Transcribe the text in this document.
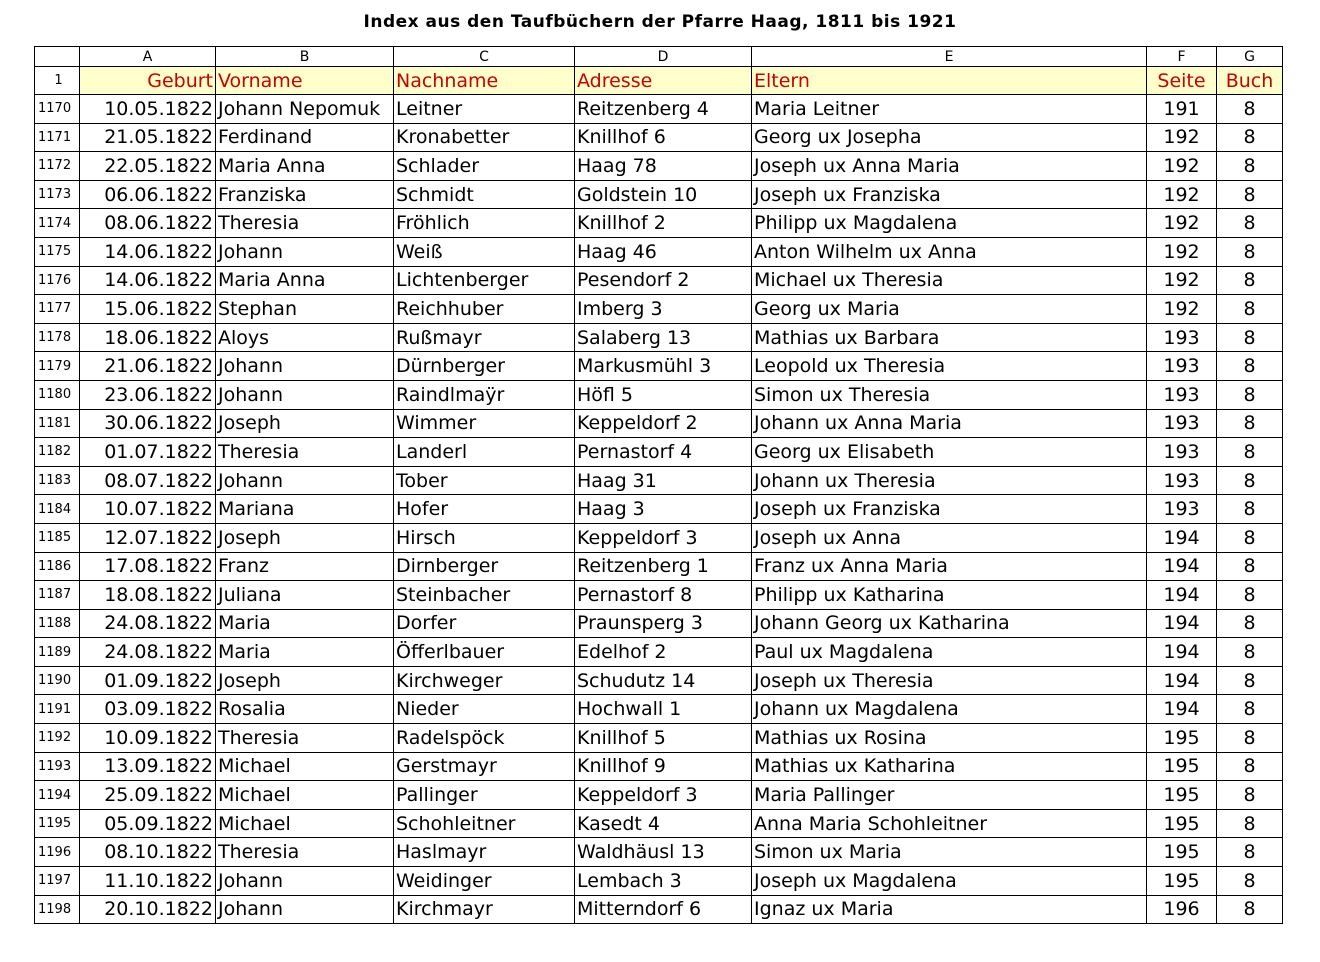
Index aus den Taufbüchern der Pfarre Haag, 1811 bis 1921
	A	B	C	D	E	F	G
1	Geburt	Vorname	Nachname	Adresse	Eltern	Seite	Buch
1170	10.05.1822	Johann Nepomuk	Leitner	Reitzenberg 4	Maria Leitner	191	8
1171	21.05.1822	Ferdinand	Kronabetter	Knillhof 6	Georg ux Josepha	192	8
1172	22.05.1822	Maria Anna	Schlader	Haag 78	Joseph ux Anna Maria	192	8
1173	06.06.1822	Franziska	Schmidt	Goldstein 10	Joseph ux Franziska	192	8
1174	08.06.1822	Theresia	Fröhlich	Knillhof 2	Philipp ux Magdalena	192	8
1175	14.06.1822	Johann	Weiß	Haag 46	Anton Wilhelm ux Anna	192	8
1176	14.06.1822	Maria Anna	Lichtenberger	Pesendorf 2	Michael ux Theresia	192	8
1177	15.06.1822	Stephan	Reichhuber	Imberg 3	Georg ux Maria	192	8
1178	18.06.1822	Aloys	Rußmayr	Salaberg 13	Mathias ux Barbara	193	8
1179	21.06.1822	Johann	Dürnberger	Markusmühl 3	Leopold ux Theresia	193	8
1180	23.06.1822	Johann	Raindlmaÿr	Höfl 5	Simon ux Theresia	193	8
1181	30.06.1822	Joseph	Wimmer	Keppeldorf 2	Johann ux Anna Maria	193	8
1182	01.07.1822	Theresia	Landerl	Pernastorf 4	Georg ux Elisabeth	193	8
1183	08.07.1822	Johann	Tober	Haag 31	Johann ux Theresia	193	8
1184	10.07.1822	Mariana	Hofer	Haag 3	Joseph ux Franziska	193	8
1185	12.07.1822	Joseph	Hirsch	Keppeldorf 3	Joseph ux Anna	194	8
1186	17.08.1822	Franz	Dirnberger	Reitzenberg 1	Franz ux Anna Maria	194	8
1187	18.08.1822	Juliana	Steinbacher	Pernastorf 8	Philipp ux Katharina	194	8
1188	24.08.1822	Maria	Dorfer	Praunsperg 3	Johann Georg ux Katharina	194	8
1189	24.08.1822	Maria	Öfferlbauer	Edelhof 2	Paul ux Magdalena	194	8
1190	01.09.1822	Joseph	Kirchweger	Schudutz 14	Joseph ux Theresia	194	8
1191	03.09.1822	Rosalia	Nieder	Hochwall 1	Johann ux Magdalena	194	8
1192	10.09.1822	Theresia	Radelspöck	Knillhof 5	Mathias ux Rosina	195	8
1193	13.09.1822	Michael	Gerstmayr	Knillhof 9	Mathias ux Katharina	195	8
1194	25.09.1822	Michael	Pallinger	Keppeldorf 3	Maria Pallinger	195	8
1195	05.09.1822	Michael	Schohleitner	Kasedt 4	Anna Maria Schohleitner	195	8
1196	08.10.1822	Theresia	Haslmayr	Waldhäusl 13	Simon ux Maria	195	8
1197	11.10.1822	Johann	Weidinger	Lembach 3	Joseph ux Magdalena	195	8
1198	20.10.1822	Johann	Kirchmayr	Mitterndorf 6	Ignaz ux Maria	196	8
